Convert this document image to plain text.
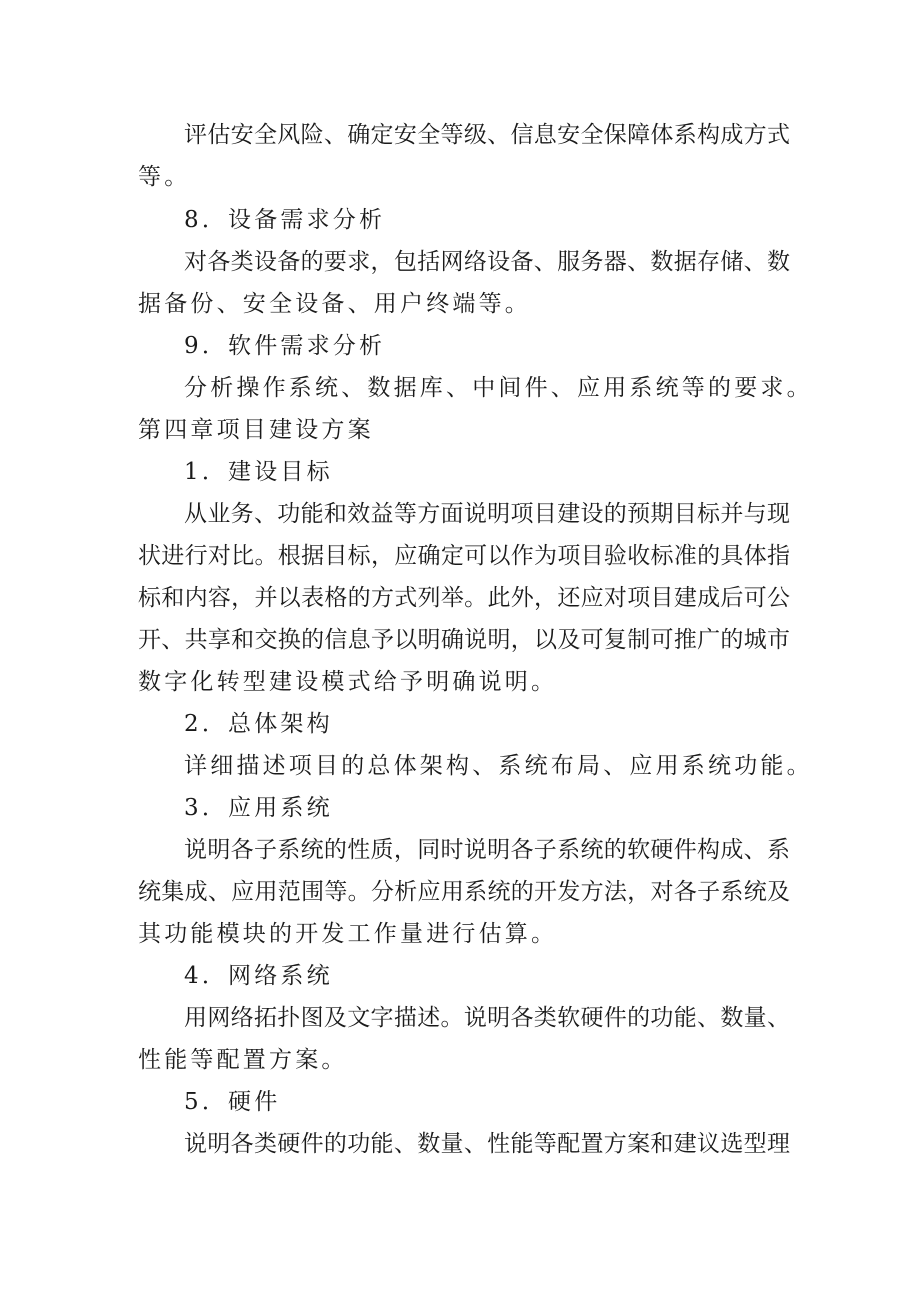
评估安全风险、确定安全等级、信息安全保障体系构成方式
等。
8．设备需求分析
对各类设备的要求，包括网络设备、服务器、数据存储、数
据备份、安全设备、用户终端等。
9．软件需求分析
分析操作系统、数据库、中间件、应用系统等的要求。
第四章项目建设方案
1．建设目标
从业务、功能和效益等方面说明项目建设的预期目标并与现
状进行对比。根据目标，应确定可以作为项目验收标准的具体指
标和内容，并以表格的方式列举。此外，还应对项目建成后可公
开、共享和交换的信息予以明确说明，以及可复制可推广的城市
数字化转型建设模式给予明确说明。
2．总体架构
详细描述项目的总体架构、系统布局、应用系统功能。
3．应用系统
说明各子系统的性质，同时说明各子系统的软硬件构成、系
统集成、应用范围等。分析应用系统的开发方法，对各子系统及
其功能模块的开发工作量进行估算。
4．网络系统
用网络拓扑图及文字描述。说明各类软硬件的功能、数量、
性能等配置方案。
5．硬件
说明各类硬件的功能、数量、性能等配置方案和建议选型理
